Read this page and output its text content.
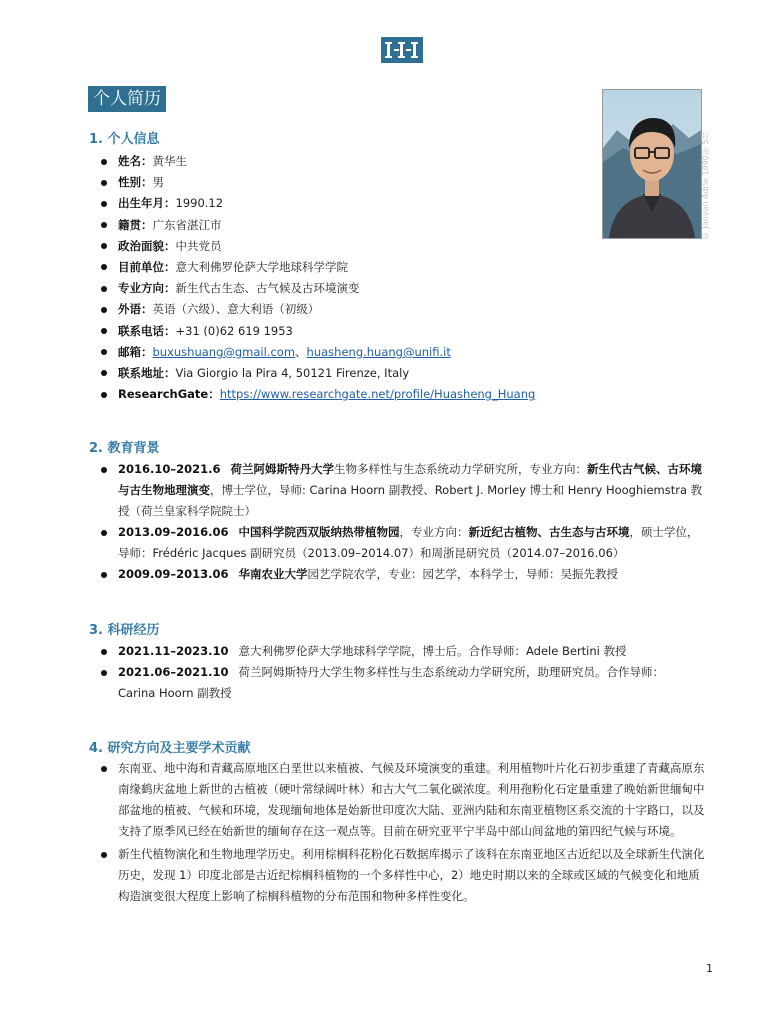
个人简历
© Janvan Adrie 1990年 5月
1. 个人信息
姓名：黄华生
性别：男
出生年月：1990.12
籍贯：广东省湛江市
政治面貌：中共党员
目前单位：意大利佛罗伦萨大学地球科学学院
专业方向：新生代古生态、古气候及古环境演变
外语：英语（六级）、意大利语（初级）
联系电话：+31 (0)62 619 1953
邮箱：buxushuang@gmail.com、huasheng.huang@unifi.it
联系地址：Via Giorgio la Pira 4, 50121 Firenze, Italy
ResearchGate：https://www.researchgate.net/profile/Huasheng_Huang
2. 教育背景
2016.10–2021.6 荷兰阿姆斯特丹大学生物多样性与生态系统动力学研究所，专业方向：新生代古气候、古环境与古生物地理演变，博士学位，导师: Carina Hoorn 副教授、Robert J. Morley 博士和 Henry Hooghiemstra 教授（荷兰皇家科学院院士）
2013.09–2016.06 中国科学院西双版纳热带植物园，专业方向：新近纪古植物、古生态与古环境，硕士学位，导师：Frédéric Jacques 副研究员（2013.09–2014.07）和周浙昆研究员（2014.07–2016.06）
2009.09–2013.06 华南农业大学园艺学院农学，专业：园艺学，本科学士，导师：吴振先教授
3. 科研经历
2021.11–2023.10 意大利佛罗伦萨大学地球科学学院，博士后。合作导师：Adele Bertini 教授
2021.06–2021.10 荷兰阿姆斯特丹大学生物多样性与生态系统动力学研究所，助理研究员。合作导师：Carina Hoorn 副教授
4. 研究方向及主要学术贡献
东南亚、地中海和青藏高原地区白垩世以来植被、气候及环境演变的重建。利用植物叶片化石初步重建了青藏高原东南缘鹤庆盆地上新世的古植被（硬叶常绿阔叶林）和古大气二氧化碳浓度。利用孢粉化石定量重建了晚始新世缅甸中部盆地的植被、气候和环境，发现缅甸地体是始新世印度次大陆、亚洲内陆和东南亚植物区系交流的十字路口，以及支持了原季风已经在始新世的缅甸存在这一观点等。目前在研究亚平宁半岛中部山间盆地的第四纪气候与环境。
新生代植物演化和生物地理学历史。利用棕榈科花粉化石数据库揭示了该科在东南亚地区古近纪以及全球新生代演化历史，发现 1）印度北部是古近纪棕榈科植物的一个多样性中心，2）地史时期以来的全球或区域的气候变化和地质构造演变很大程度上影响了棕榈科植物的分布范围和物种多样性变化。
1
